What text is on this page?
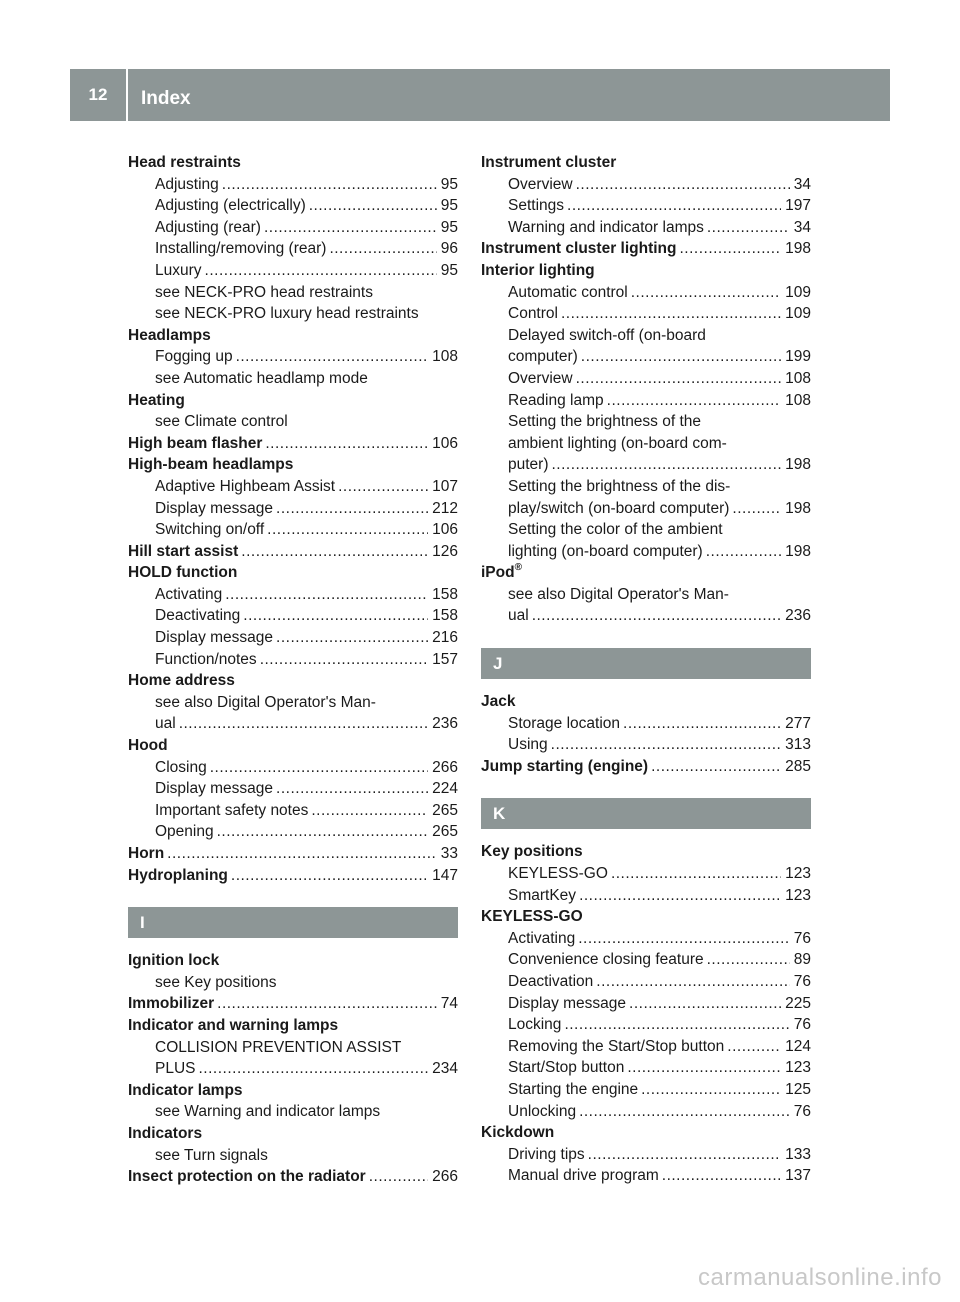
12	Index
Head restraints
Adjusting .....	95
Adjusting (electrically) .....	95
Adjusting (rear) .....	95
Installing/removing (rear) .....	96
Luxury .....	95
see NECK-PRO head restraints
see NECK-PRO luxury head restraints
Headlamps
Fogging up .....	108
see Automatic headlamp mode
Heating
see Climate control
High beam flasher .....	106
High-beam headlamps
Adaptive Highbeam Assist .....	107
Display message .....	212
Switching on/off .....	106
Hill start assist .....	126
HOLD function
Activating .....	158
Deactivating .....	158
Display message .....	216
Function/notes .....	157
Home address
see also Digital Operator's Man-
ual .....	236
Hood
Closing .....	266
Display message .....	224
Important safety notes .....	265
Opening .....	265
Horn .....	33
Hydroplaning .....	147
I
Ignition lock
see Key positions
Immobilizer .....	74
Indicator and warning lamps
COLLISION PREVENTION ASSIST
PLUS .....	234
Indicator lamps
see Warning and indicator lamps
Indicators
see Turn signals
Insect protection on the radiator .....	266
Instrument cluster
Overview .....	34
Settings .....	197
Warning and indicator lamps .....	34
Instrument cluster lighting .....	198
Interior lighting
Automatic control .....	109
Control .....	109
Delayed switch-off (on-board
computer) .....	199
Overview .....	108
Reading lamp .....	108
Setting the brightness of the
ambient lighting (on-board com-
puter) .....	198
Setting the brightness of the dis-
play/switch (on-board computer) .....	198
Setting the color of the ambient
lighting (on-board computer) .....	198
iPod®
see also Digital Operator's Man-
ual .....	236
J
Jack
Storage location .....	277
Using .....	313
Jump starting (engine) .....	285
K
Key positions
KEYLESS-GO .....	123
SmartKey .....	123
KEYLESS-GO
Activating .....	76
Convenience closing feature .....	89
Deactivation .....	76
Display message .....	225
Locking .....	76
Removing the Start/Stop button .....	124
Start/Stop button .....	123
Starting the engine .....	125
Unlocking .....	76
Kickdown
Driving tips .....	133
Manual drive program .....	137
carmanualsonline.info
